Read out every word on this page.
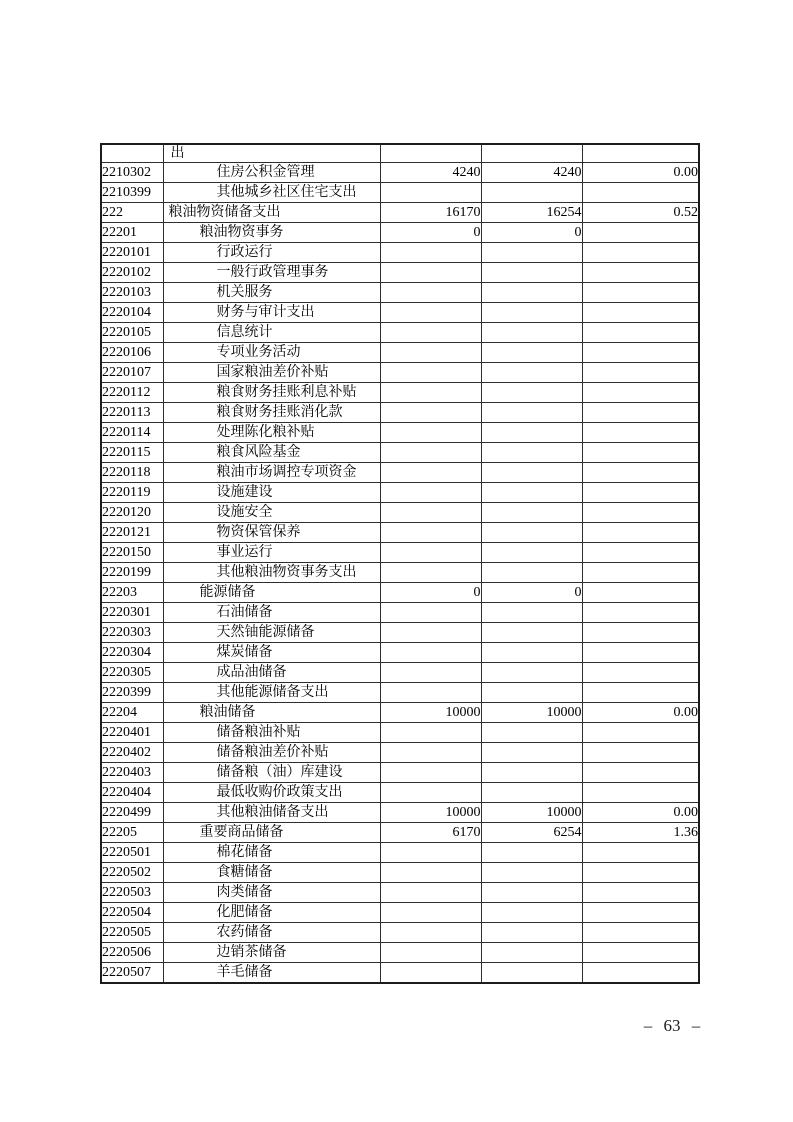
	出			
2210302	住房公积金管理	4240	4240	0.00
2210399	其他城乡社区住宅支出			
222	粮油物资储备支出	16170	16254	0.52
22201	粮油物资事务	0	0	
2220101	行政运行			
2220102	一般行政管理事务			
2220103	机关服务			
2220104	财务与审计支出			
2220105	信息统计			
2220106	专项业务活动			
2220107	国家粮油差价补贴			
2220112	粮食财务挂账利息补贴			
2220113	粮食财务挂账消化款			
2220114	处理陈化粮补贴			
2220115	粮食风险基金			
2220118	粮油市场调控专项资金			
2220119	设施建设			
2220120	设施安全			
2220121	物资保管保养			
2220150	事业运行			
2220199	其他粮油物资事务支出			
22203	能源储备	0	0	
2220301	石油储备			
2220303	天然铀能源储备			
2220304	煤炭储备			
2220305	成品油储备			
2220399	其他能源储备支出			
22204	粮油储备	10000	10000	0.00
2220401	储备粮油补贴			
2220402	储备粮油差价补贴			
2220403	储备粮（油）库建设			
2220404	最低收购价政策支出			
2220499	其他粮油储备支出	10000	10000	0.00
22205	重要商品储备	6170	6254	1.36
2220501	棉花储备			
2220502	食糖储备			
2220503	肉类储备			
2220504	化肥储备			
2220505	农药储备			
2220506	边销茶储备			
2220507	羊毛储备			
– 63 –
